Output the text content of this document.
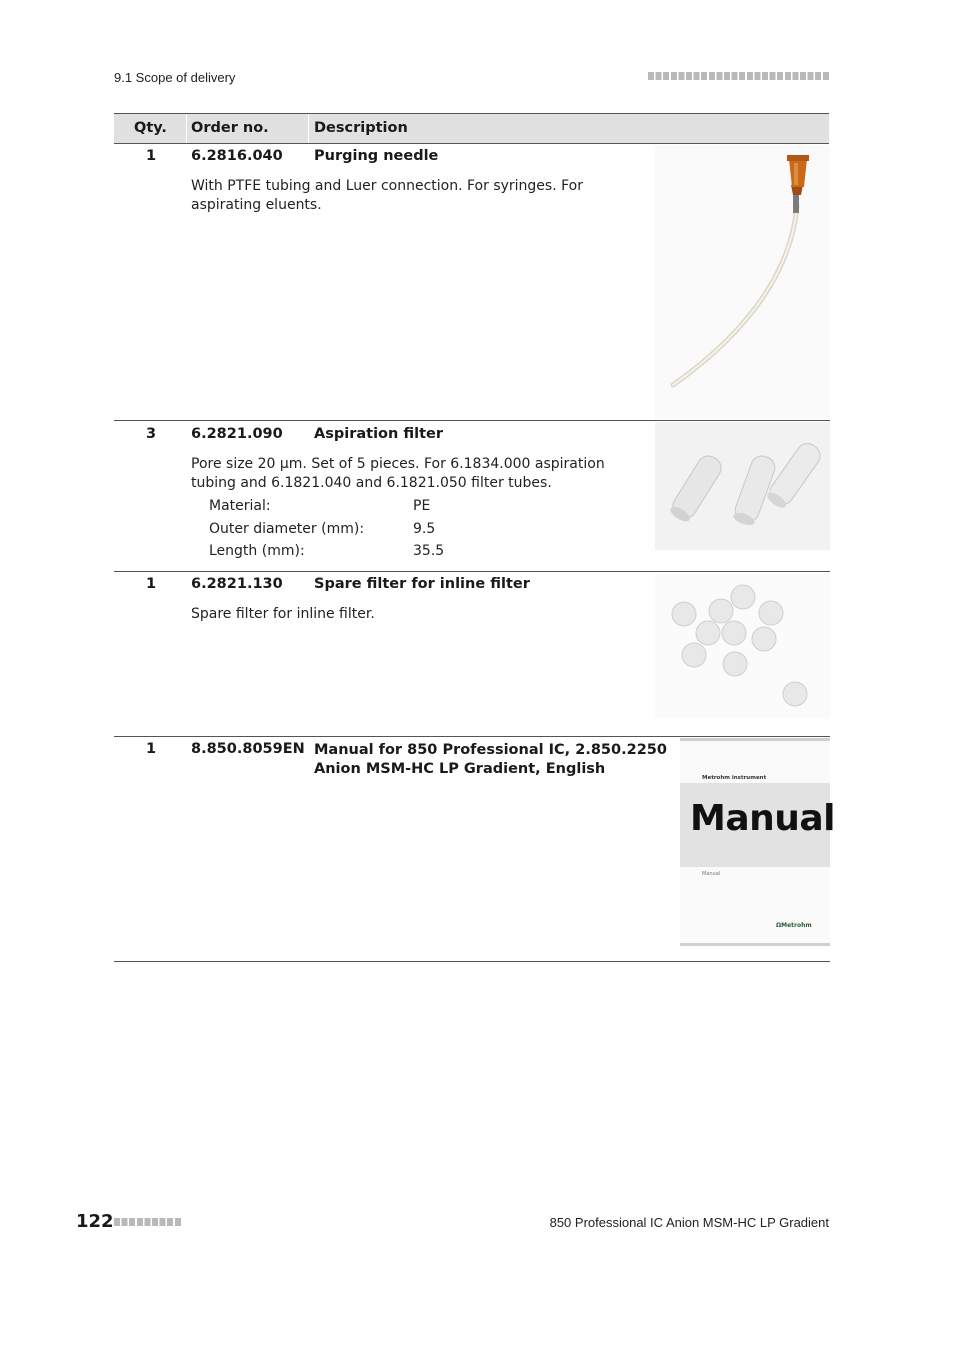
9.1 Scope of delivery
Qty. Order no.	Description
1 6.2816.040 Purging needle
With PTFE tubing and Luer connection. For syringes. For aspirating eluents.
3 6.2821.090 Aspiration filter
Pore size 20 µm. Set of 5 pieces. For 6.1834.000 aspiration tubing and 6.1821.040 and 6.1821.050 filter tubes.
Material:	PE
Outer diameter (mm):	9.5
Length (mm):	35.5
1 6.2821.130 Spare filter for inline filter
Spare filter for inline filter.
1 8.850.8059EN Manual for 850 Professional IC, 2.850.2250
Anion MSM-HC LP Gradient, English
Metrohm instrument
Manual
Manual
ΩMetrohm
122	850 Professional IC Anion MSM-HC LP Gradient
